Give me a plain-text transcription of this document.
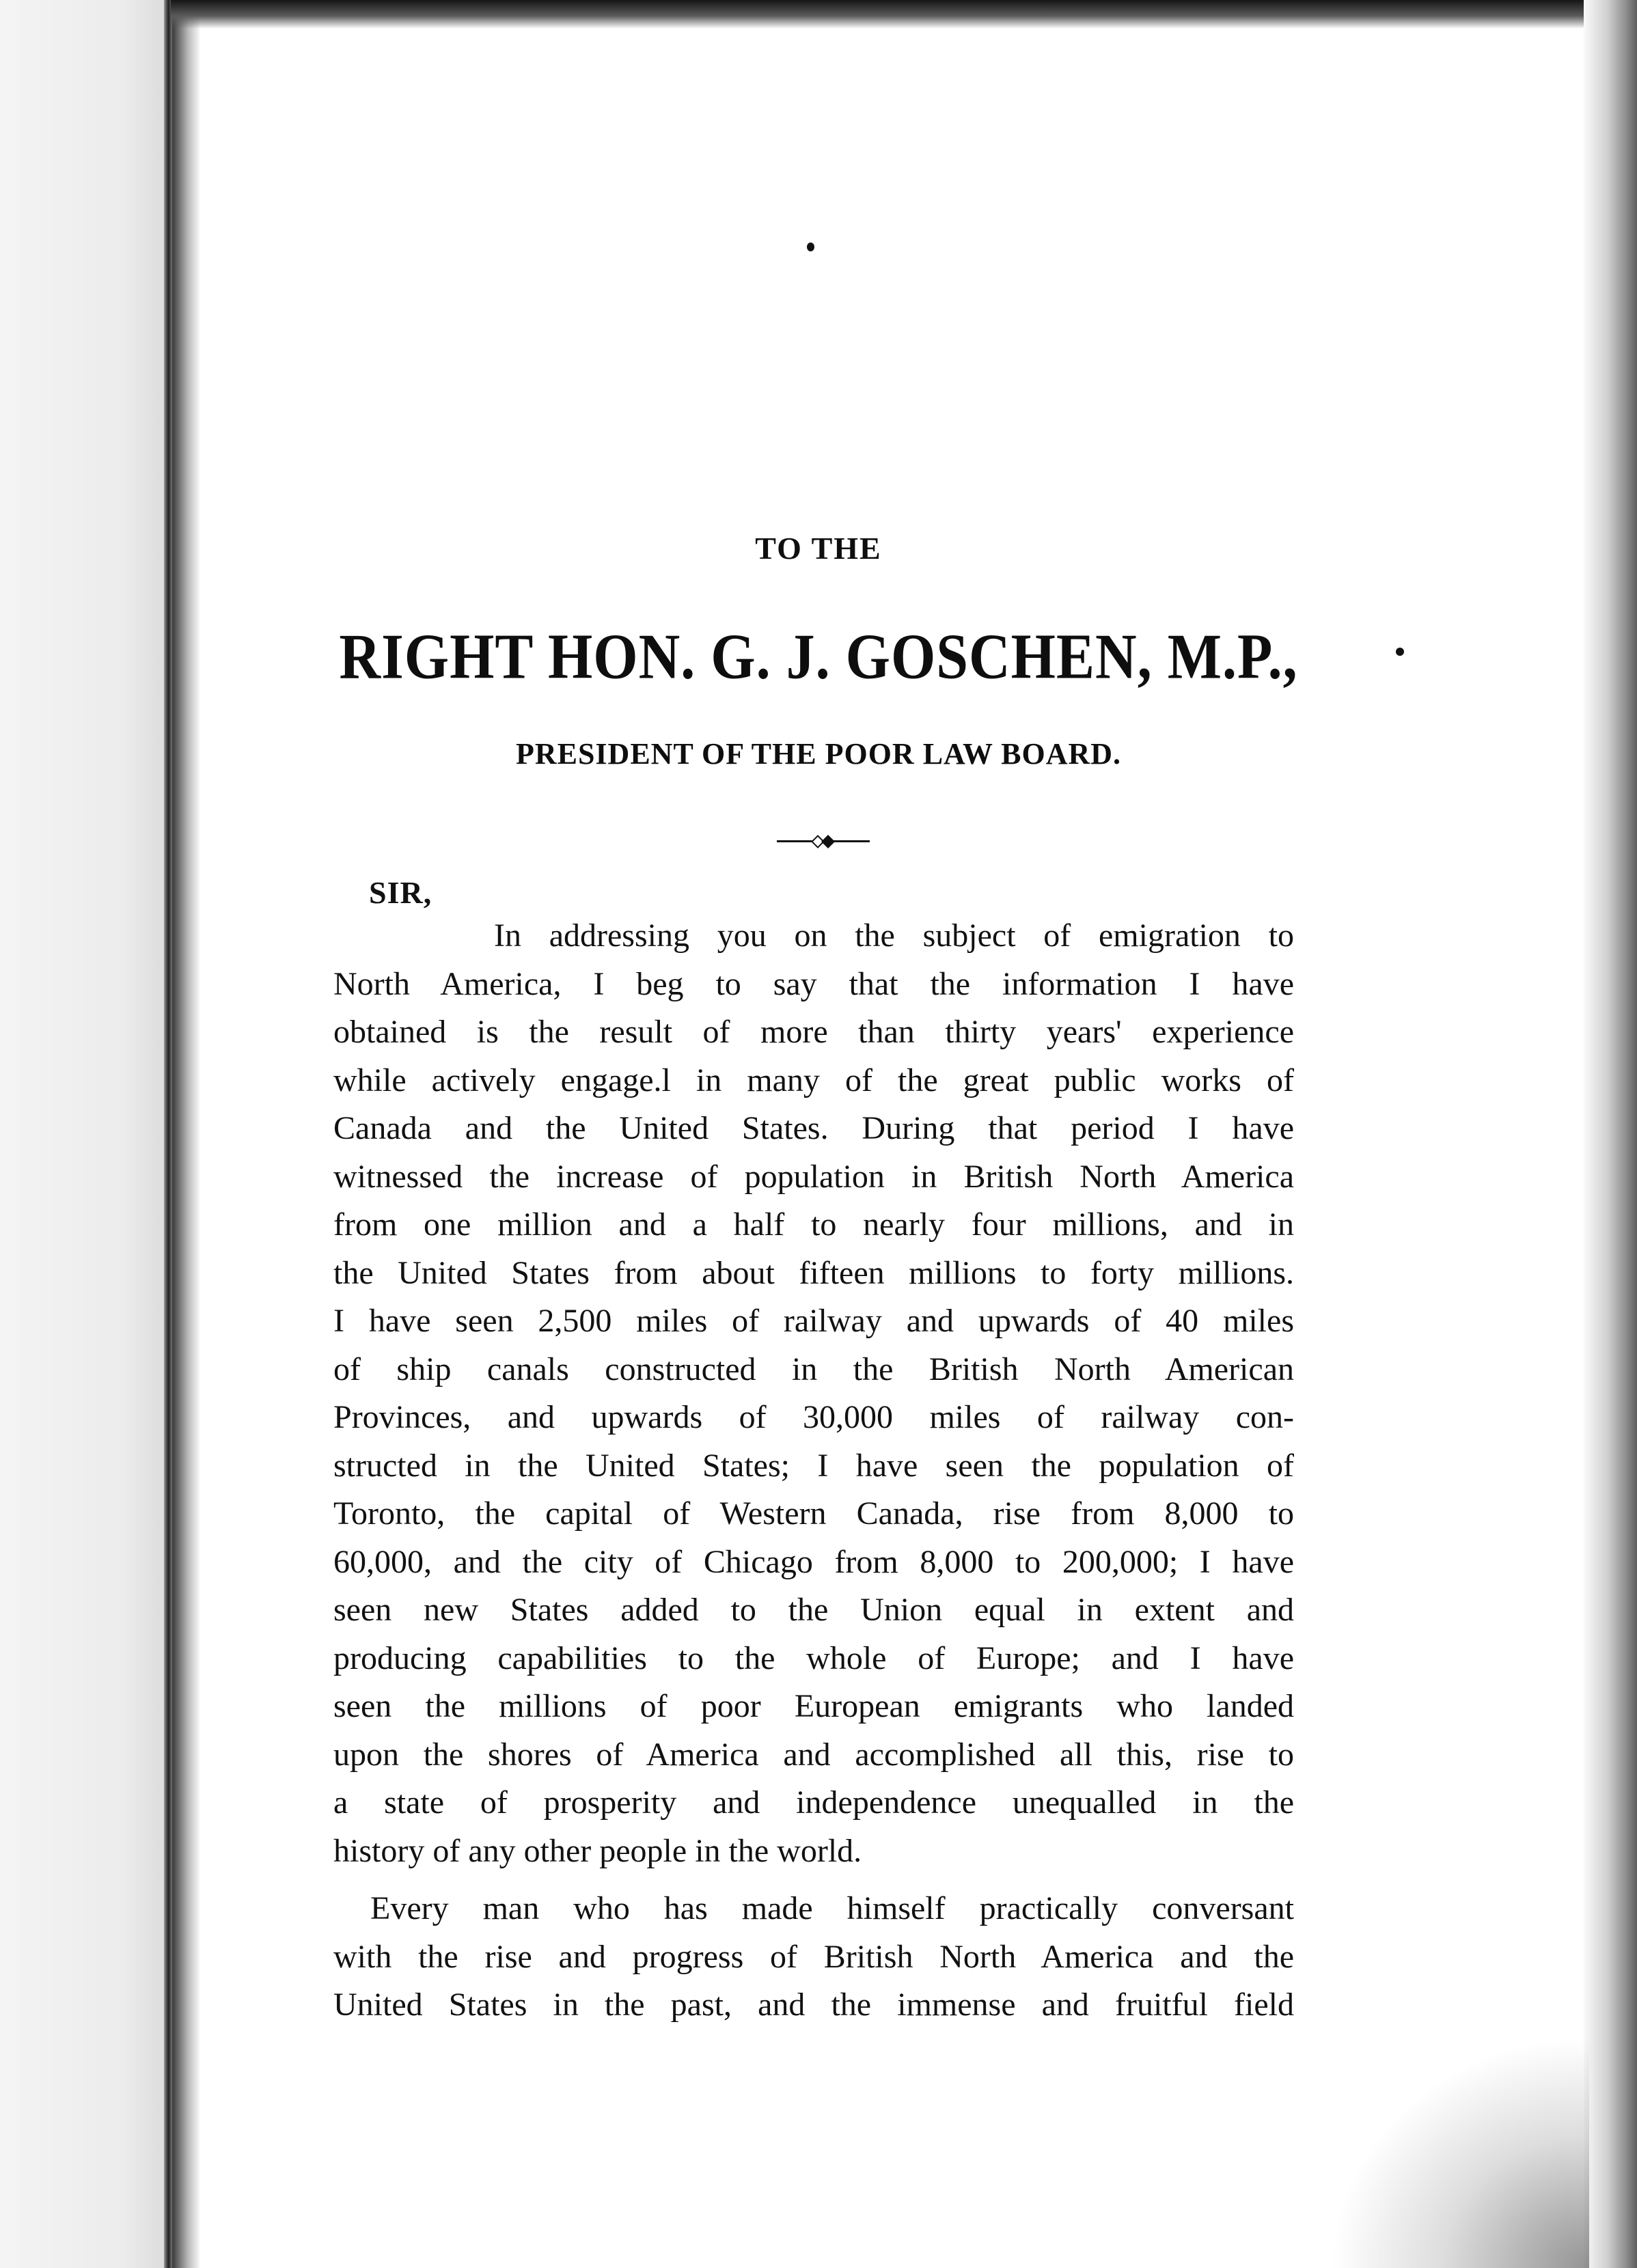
TO THE

RIGHT HON. G. J. GOSCHEN, M.P.,

PRESIDENT OF THE POOR LAW BOARD.

SIR,

In addressing you on the subject of emigration to
North America, I beg to say that the information I have
obtained is the result of more than thirty years' experience
while actively engage.l in many of the great public works of
Canada and the United States. During that period I have
witnessed the increase of population in British North America
from one million and a half to nearly four millions, and in
the United States from about fifteen millions to forty millions.
I have seen 2,500 miles of railway and upwards of 40 miles
of ship canals constructed in the British North American
Provinces, and upwards of 30,000 miles of railway con-
structed in the United States; I have seen the population of
Toronto, the capital of Western Canada, rise from 8,000 to
60,000, and the city of Chicago from 8,000 to 200,000; I have
seen new States added to the Union equal in extent and
producing capabilities to the whole of Europe; and I have
seen the millions of poor European emigrants who landed
upon the shores of America and accomplished all this, rise to
a state of prosperity and independence unequalled in the
history of any other people in the world.
Every man who has made himself practically conversant
with the rise and progress of British North America and the
United States in the past, and the immense and fruitful field
